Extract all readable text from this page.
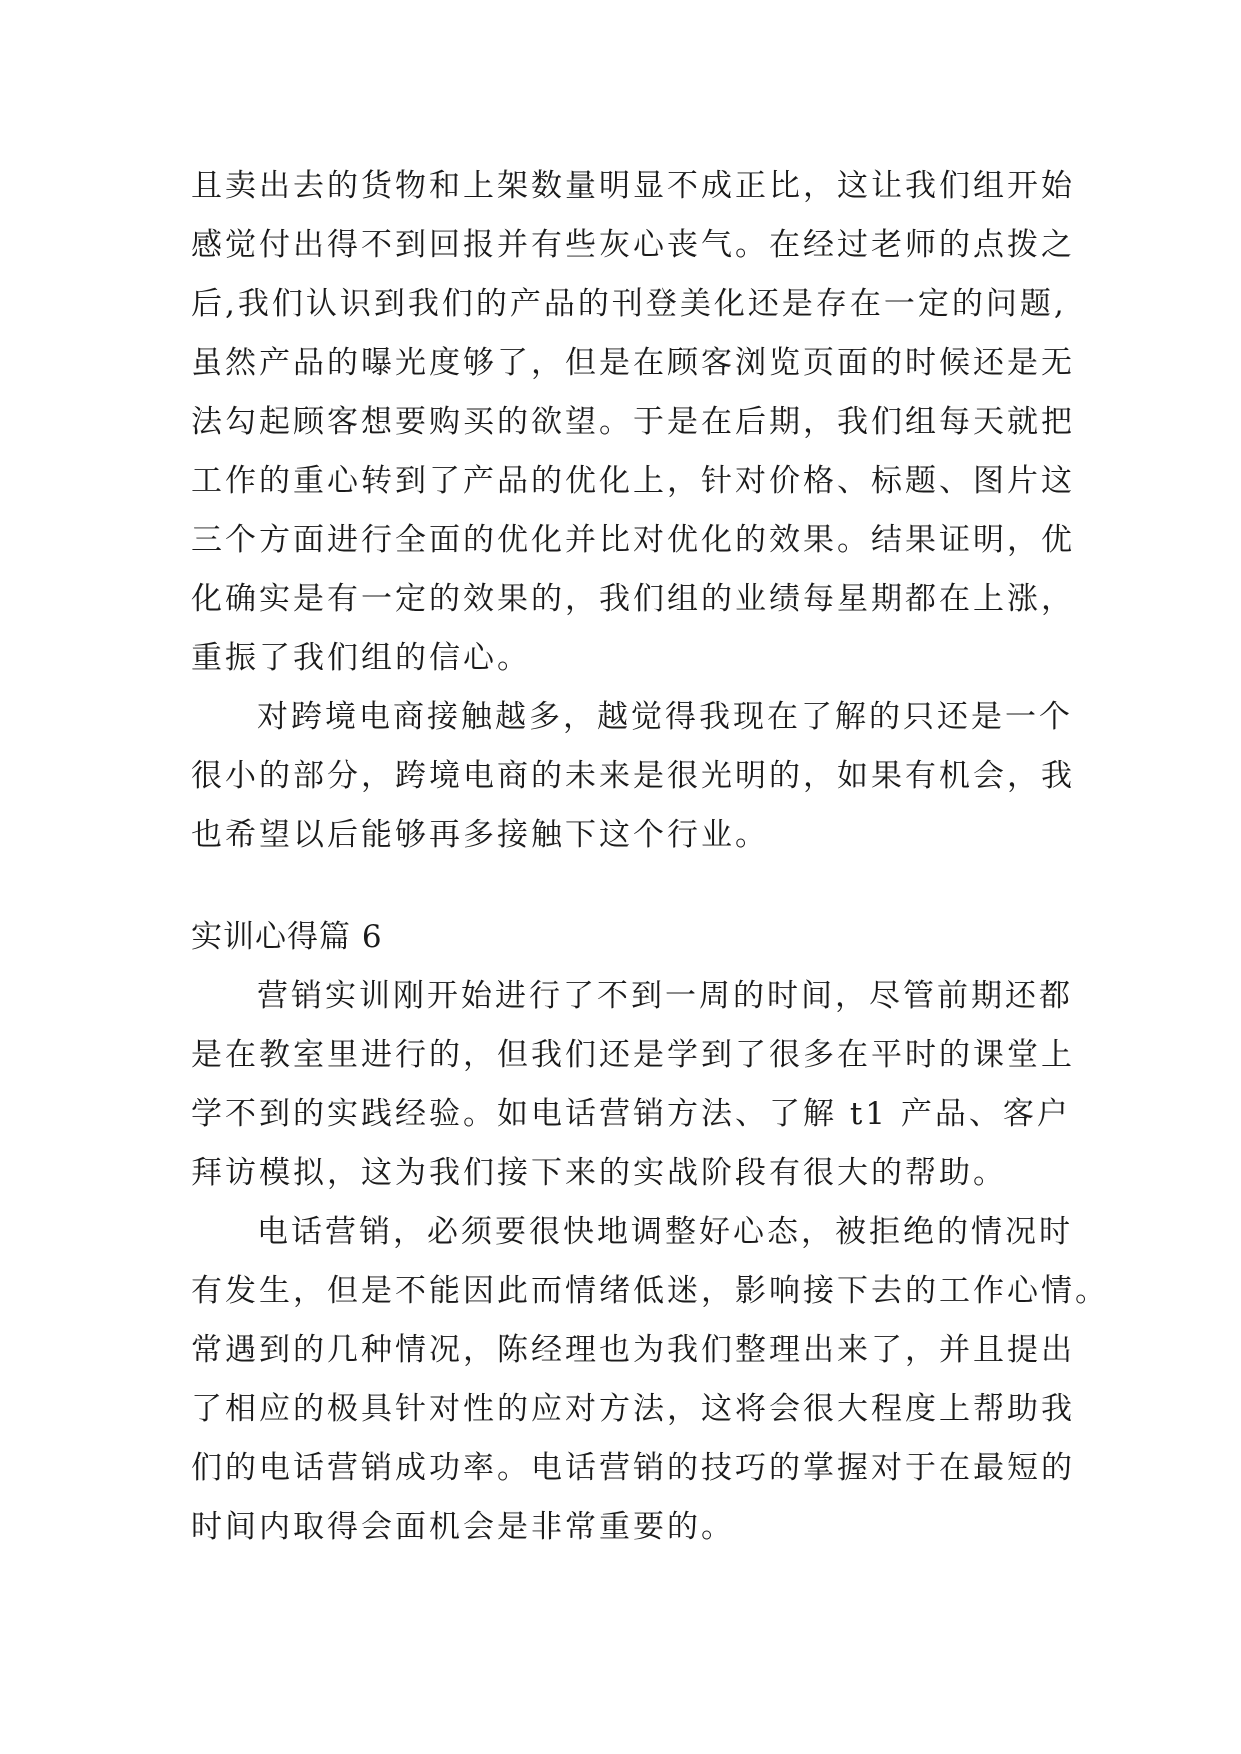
且卖出去的货物和上架数量明显不成正比，这让我们组开始
感觉付出得不到回报并有些灰心丧气。在经过老师的点拨之
后,我们认识到我们的产品的刊登美化还是存在一定的问题,
虽然产品的曝光度够了，但是在顾客浏览页面的时候还是无
法勾起顾客想要购买的欲望。于是在后期，我们组每天就把
工作的重心转到了产品的优化上，针对价格、标题、图片这
三个方面进行全面的优化并比对优化的效果。结果证明，优
化确实是有一定的效果的，我们组的业绩每星期都在上涨，
重振了我们组的信心。
对跨境电商接触越多，越觉得我现在了解的只还是一个
很小的部分，跨境电商的未来是很光明的，如果有机会，我
也希望以后能够再多接触下这个行业。
实训心得篇 6
营销实训刚开始进行了不到一周的时间，尽管前期还都
是在教室里进行的，但我们还是学到了很多在平时的课堂上
学不到的实践经验。如电话营销方法、了解 t1 产品、客户
拜访模拟，这为我们接下来的实战阶段有很大的帮助。
电话营销，必须要很快地调整好心态，被拒绝的情况时
有发生，但是不能因此而情绪低迷，影响接下去的工作心情。
常遇到的几种情况，陈经理也为我们整理出来了，并且提出
了相应的极具针对性的应对方法，这将会很大程度上帮助我
们的电话营销成功率。电话营销的技巧的掌握对于在最短的
时间内取得会面机会是非常重要的。
